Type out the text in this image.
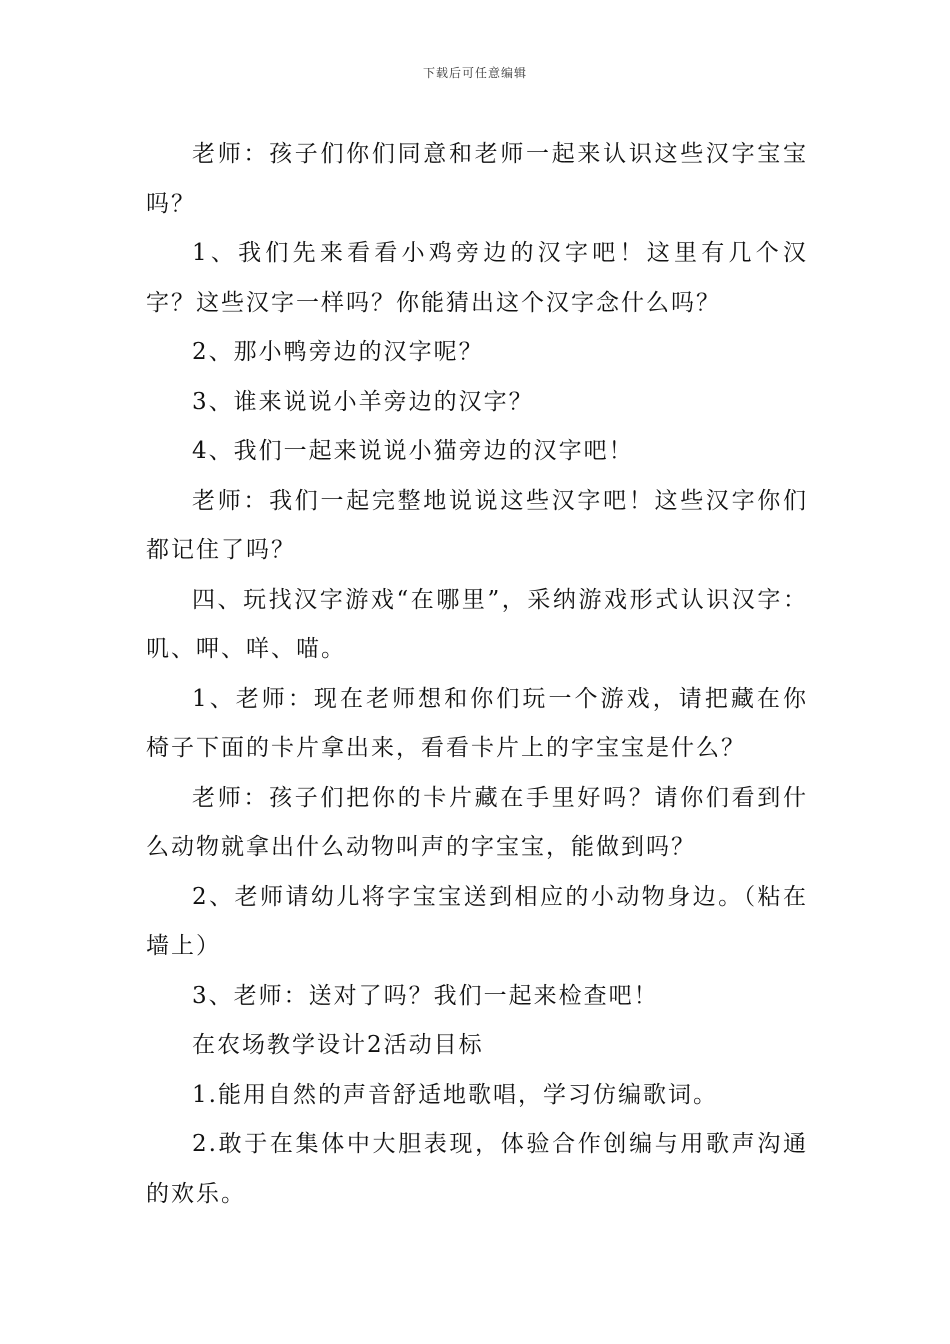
下载后可任意编辑

老师：孩子们你们同意和老师一起来认识这些汉字宝宝吗？

1、我们先来看看小鸡旁边的汉字吧！这里有几个汉字？这些汉字一样吗？你能猜出这个汉字念什么吗？

2、那小鸭旁边的汉字呢？

3、谁来说说小羊旁边的汉字？

4、我们一起来说说小猫旁边的汉字吧！

老师：我们一起完整地说说这些汉字吧！这些汉字你们都记住了吗？

四、玩找汉字游戏“在哪里”，采纳游戏形式认识汉字：叽、呷、咩、喵。

1、老师：现在老师想和你们玩一个游戏，请把藏在你椅子下面的卡片拿出来，看看卡片上的字宝宝是什么？

老师：孩子们把你的卡片藏在手里好吗？请你们看到什么动物就拿出什么动物叫声的字宝宝，能做到吗？

2、老师请幼儿将字宝宝送到相应的小动物身边。（粘在墙上）

3、老师：送对了吗？我们一起来检查吧！

在农场教学设计2活动目标

1.能用自然的声音舒适地歌唱，学习仿编歌词。

2.敢于在集体中大胆表现，体验合作创编与用歌声沟通的欢乐。
